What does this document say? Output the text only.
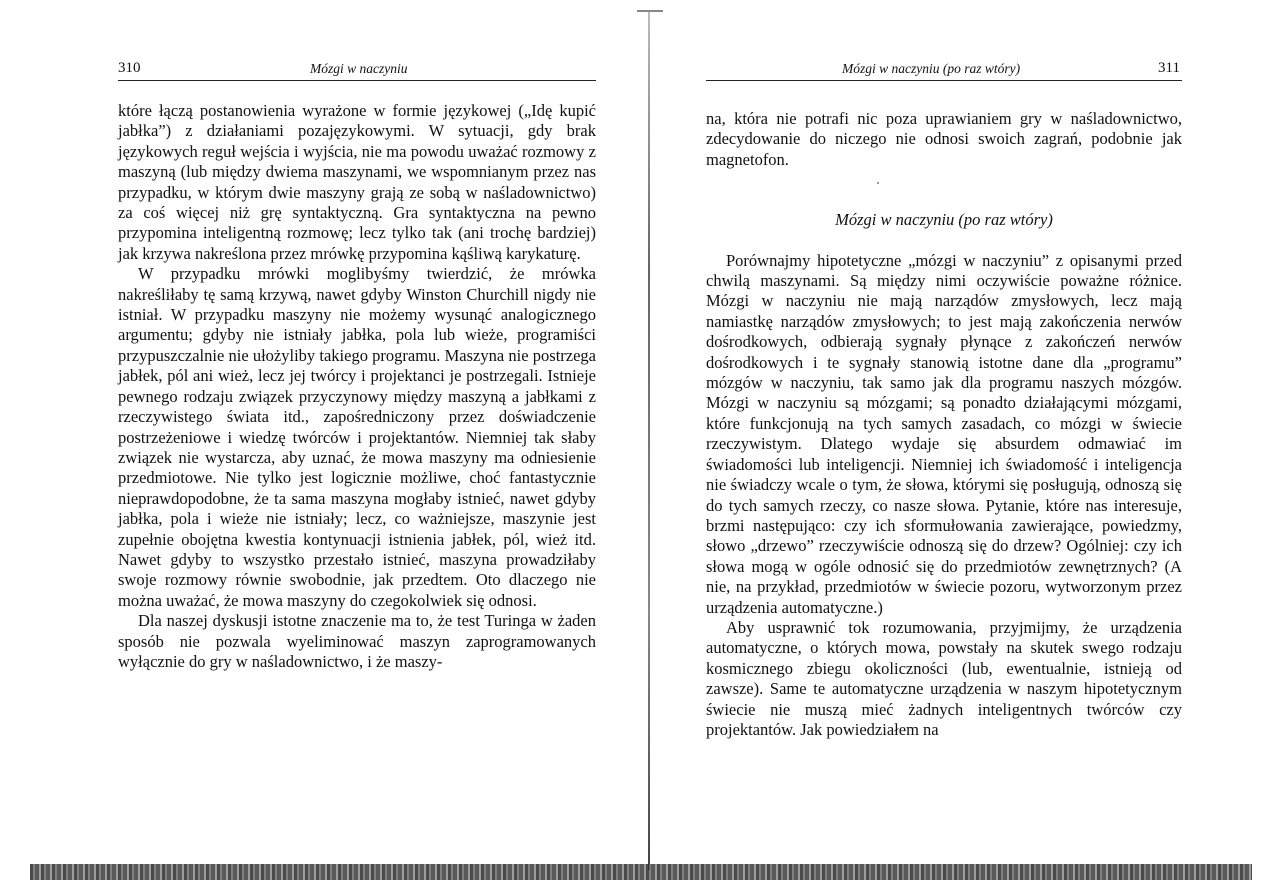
310	Mózgi w naczyniu

które łączą postanowienia wyrażone w formie językowej („Idę kupić jabłka”) z działaniami pozajęzykowymi. W sytuacji, gdy brak językowych reguł wejścia i wyjścia, nie ma powodu uważać rozmowy z maszyną (lub między dwiema maszynami, we wspomnianym przez nas przypadku, w którym dwie maszyny grają ze sobą w naśladownictwo) za coś więcej niż grę syntaktyczną. Gra syntaktyczna na pewno przypomina inteligentną rozmowę; lecz tylko tak (ani trochę bardziej) jak krzywa nakreślona przez mrówkę przypomina kąśliwą karykaturę.

W przypadku mrówki moglibyśmy twierdzić, że mrówka nakreśliłaby tę samą krzywą, nawet gdyby Winston Churchill nigdy nie istniał. W przypadku maszyny nie możemy wysunąć analogicznego argumentu; gdyby nie istniały jabłka, pola lub wieże, programiści przypuszczalnie nie ułożyliby takiego programu. Maszyna nie postrzega jabłek, pól ani wież, lecz jej twórcy i projektanci je postrzegali. Istnieje pewnego rodzaju związek przyczynowy między maszyną a jabłkami z rzeczywistego świata itd., zapośredniczony przez doświadczenie postrzeżeniowe i wiedzę twórców i projektantów. Niemniej tak słaby związek nie wystarcza, aby uznać, że mowa maszyny ma odniesienie przedmiotowe. Nie tylko jest logicznie możliwe, choć fantastycznie nieprawdopodobne, że ta sama maszyna mogłaby istnieć, nawet gdyby jabłka, pola i wieże nie istniały; lecz, co ważniejsze, maszynie jest zupełnie obojętna kwestia kontynuacji istnienia jabłek, pól, wież itd. Nawet gdyby to wszystko przestało istnieć, maszyna prowadziłaby swoje rozmowy równie swobodnie, jak przedtem. Oto dlaczego nie można uważać, że mowa maszyny do czegokolwiek się odnosi.

Dla naszej dyskusji istotne znaczenie ma to, że test Turinga w żaden sposób nie pozwala wyeliminować maszyn zaprogramowanych wyłącznie do gry w naśladownictwo, i że maszy-

Mózgi w naczyniu (po raz wtóry)	311

na, która nie potrafi nic poza uprawianiem gry w naśladownictwo, zdecydowanie do niczego nie odnosi swoich zagrań, podobnie jak magnetofon.

Mózgi w naczyniu (po raz wtóry)

Porównajmy hipotetyczne „mózgi w naczyniu” z opisanymi przed chwilą maszynami. Są między nimi oczywiście poważne różnice. Mózgi w naczyniu nie mają narządów zmysłowych, lecz mają namiastkę narządów zmysłowych; to jest mają zakończenia nerwów dośrodkowych, odbierają sygnały płynące z zakończeń nerwów dośrodkowych i te sygnały stanowią istotne dane dla „programu” mózgów w naczyniu, tak samo jak dla programu naszych mózgów. Mózgi w naczyniu są mózgami; są ponadto działającymi mózgami, które funkcjonują na tych samych zasadach, co mózgi w świecie rzeczywistym. Dlatego wydaje się absurdem odmawiać im świadomości lub inteligencji. Niemniej ich świadomość i inteligencja nie świadczy wcale o tym, że słowa, którymi się posługują, odnoszą się do tych samych rzeczy, co nasze słowa. Pytanie, które nas interesuje, brzmi następująco: czy ich sformułowania zawierające, powiedzmy, słowo „drzewo” rzeczywiście odnoszą się do drzew? Ogólniej: czy ich słowa mogą w ogóle odnosić się do przedmiotów zewnętrznych? (A nie, na przykład, przedmiotów w świecie pozoru, wytworzonym przez urządzenia automatyczne.)

Aby usprawnić tok rozumowania, przyjmijmy, że urządzenia automatyczne, o których mowa, powstały na skutek swego rodzaju kosmicznego zbiegu okoliczności (lub, ewentualnie, istnieją od zawsze). Same te automatyczne urządzenia w naszym hipotetycznym świecie nie muszą mieć żadnych inteligentnych twórców czy projektantów. Jak powiedziałem na
